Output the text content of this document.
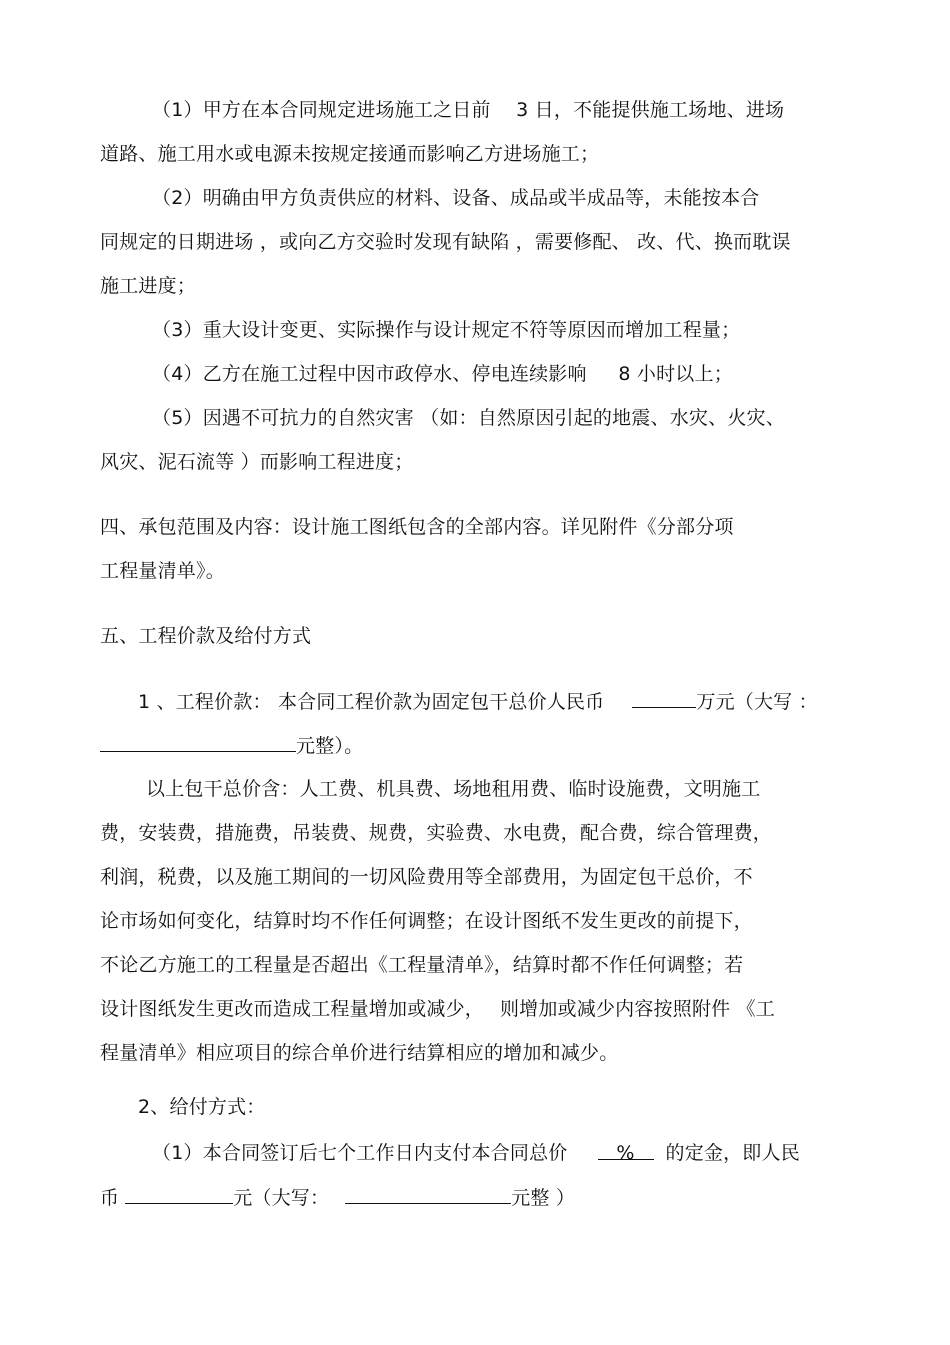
（1）甲方在本合同规定进场施工之日前　 3 日，不能提供施工场地、进场
道路、施工用水或电源未按规定接通而影响乙方进场施工；
（2）明确由甲方负责供应的材料、设备、成品或半成品等，未能按本合
同规定的日期进场 ，或向乙方交验时发现有缺陷 ，需要修配、 改、代、换而耽误
施工进度；
（3）重大设计变更、实际操作与设计规定不符等原因而增加工程量；
（4）乙方在施工过程中因市政停水、停电连续影响 　 8 小时以上；
（5）因遇不可抗力的自然灾害 （如：自然原因引起的地震、水灾、火灾、
风灾、泥石流等 ）而影响工程进度；
四、承包范围及内容：设计施工图纸包含的全部内容。详见附件《分部分项
工程量清单》。
五、工程价款及给付方式
1 、工程价款： 本合同工程价款为固定包干总价人民币	万元（大写 ：
元整）。
以上包干总价含：人工费、机具费、场地租用费、临时设施费，文明施工
费，安装费，措施费，吊装费、规费，实验费、水电费，配合费，综合管理费，
利润，税费，以及施工期间的一切风险费用等全部费用，为固定包干总价，不
论市场如何变化，结算时均不作任何调整；在设计图纸不发生更改的前提下，
不论乙方施工的工程量是否超出《工程量清单》，结算时都不作任何调整；若
设计图纸发生更改而造成工程量增加或减少，　 则增加或减少内容按照附件 《工
程量清单》相应项目的综合单价进行结算相应的增加和减少。
2、给付方式：
（1）本合同签订后七个工作日内支付本合同总价	% 的定金，即人民
币	元（大写：	元整 ）
